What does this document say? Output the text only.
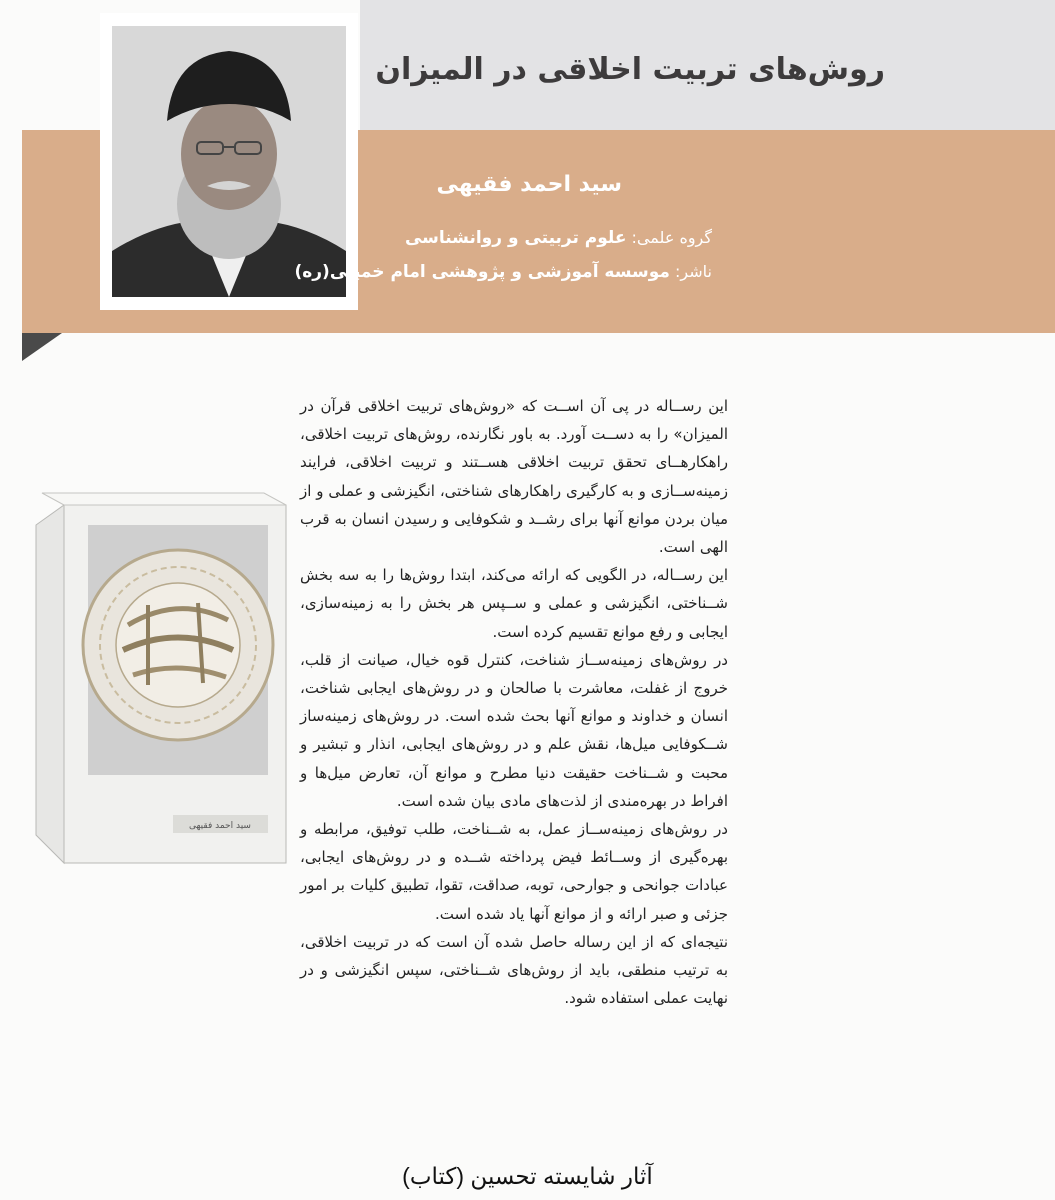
روش‌های تربیت اخلاقی در المیزان
سید احمد فقیهی

گروه علمی: علوم تربیتی و روانشناسی

ناشر: موسسه آموزشی و پژوهشی امام خمینی(ره)

سید احمد فقیهی

این رســاله در پی آن اســت که «روش‌های تربیت اخلاقی قرآن در المیزان» را به دســت آورد. به باور نگارنده، روش‌های تربیت اخلاقی، راهکارهــای تحقق تربیت اخلاقی هســتند و تربیت اخلاقی، فرایند زمینه‌ســازی و به کارگیری راهکارهای شناختی، انگیزشی و عملی و از میان بردن موانع آنها برای رشــد و شکوفایی و رسیدن انسان به قرب الهی است.

این رســاله، در الگویی که ارائه می‌کند، ابتدا روش‌ها را به سه بخش شــناختی، انگیزشی و عملی و ســپس هر بخش را به زمینه‌سازی، ایجابی و رفع موانع تقسیم کرده است.

در روش‌های زمینه‌ســاز شناخت، کنترل قوه خیال، صیانت از قلب، خروج از غفلت، معاشرت با صالحان و در روش‌های ایجابی شناخت، انسان و خداوند و موانع آنها بحث شده است. در روش‌های زمینه‌ساز شــکوفایی میل‌ها، نقش علم و در روش‌های ایجابی، انذار و تبشیر و محبت و شــناخت حقیقت دنیا مطرح و موانع آن، تعارض میل‌ها و افراط در بهره‌مندی از لذت‌های مادی بیان شده است.

در روش‌های زمینه‌ســاز عمل، به شــناخت، طلب توفیق، مرابطه و بهره‌گیری از وســائط فیض پرداخته شــده و در روش‌های ایجابی، عبادات جوانحی و جوارحی، توبه، صداقت، تقوا، تطبیق کلیات بر امور جزئی و صبر ارائه و از موانع آنها یاد شده است.

نتیجه‌ای که از این رساله حاصل شده آن است که در تربیت اخلاقی، به ترتیب منطقی، باید از روش‌های شــناختی، سپس انگیزشی و در نهایت عملی استفاده شود.

آثار شایسته تحسین (کتاب)
